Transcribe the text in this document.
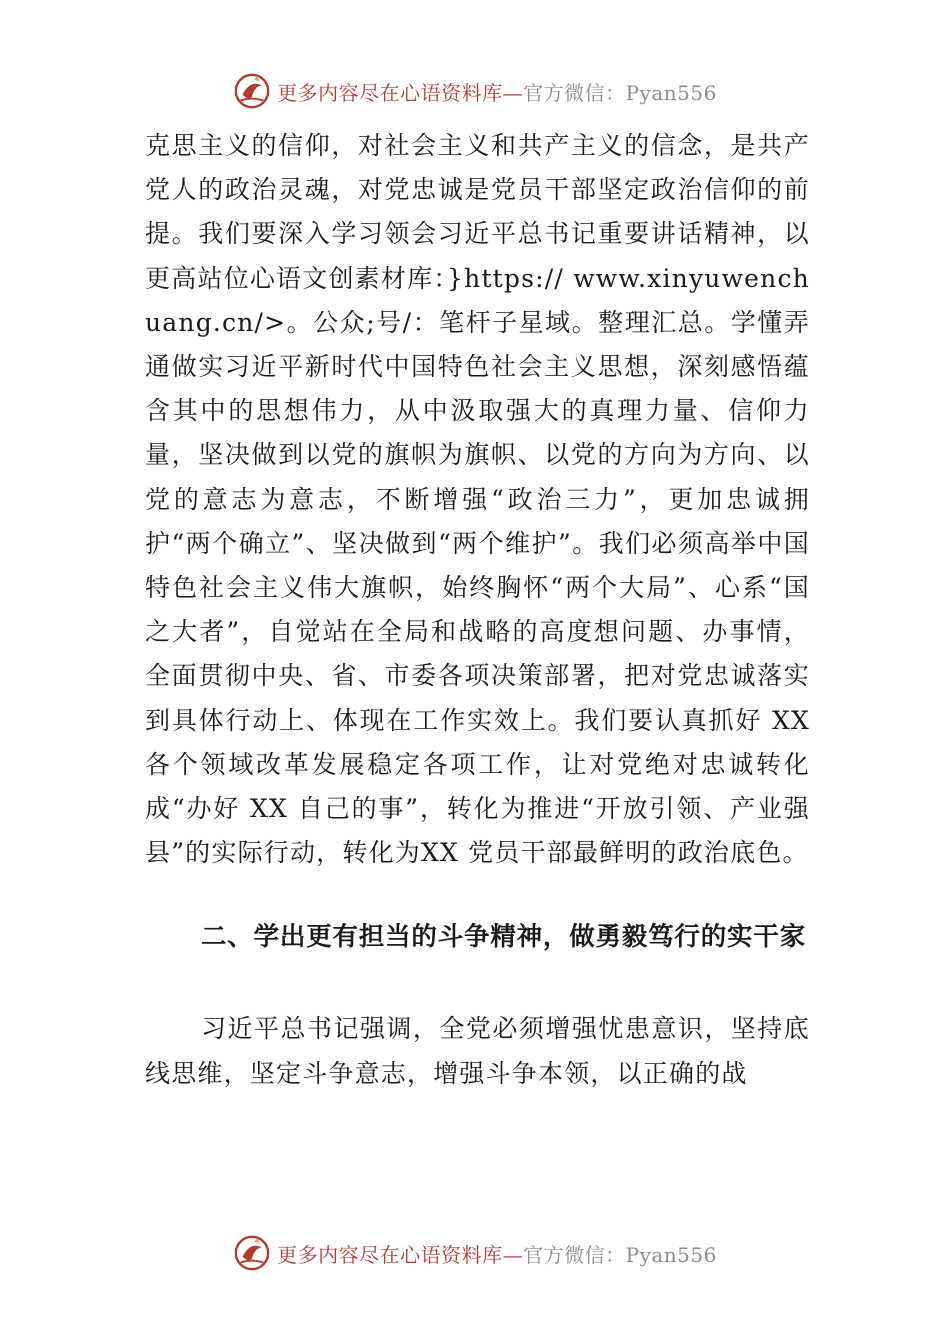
更多内容尽在心语资料库—官方微信：Pyan556

克思主义的信仰，对社会主义和共产主义的信念，是共产党人的政治灵魂，对党忠诚是党员干部坚定政治信仰的前提。我们要深入学习领会习近平总书记重要讲话精神，以更高站位心语文创素材库：}https:// www.xinyuwenchuang.cn/>。公众;号/：笔杆子星域。整理汇总。学懂弄通做实习近平新时代中国特色社会主义思想，深刻感悟蕴含其中的思想伟力，从中汲取强大的真理力量、信仰力量，坚决做到以党的旗帜为旗帜、以党的方向为方向、以党的意志为意志，不断增强“政治三力”，更加忠诚拥护“两个确立”、坚决做到“两个维护”。我们必须高举中国特色社会主义伟大旗帜，始终胸怀“两个大局”、心系“国之大者”，自觉站在全局和战略的高度想问题、办事情，全面贯彻中央、省、市委各项决策部署，把对党忠诚落实到具体行动上、体现在工作实效上。我们要认真抓好 XX 各个领域改革发展稳定各项工作，让对党绝对忠诚转化成“办好 XX 自己的事”，转化为推进“开放引领、产业强县”的实际行动，转化为XX 党员干部最鲜明的政治底色。

二、学出更有担当的斗争精神，做勇毅笃行的实干家

习近平总书记强调，全党必须增强忧患意识，坚持底线思维，坚定斗争意志，增强斗争本领，以正确的战

更多内容尽在心语资料库—官方微信：Pyan556
